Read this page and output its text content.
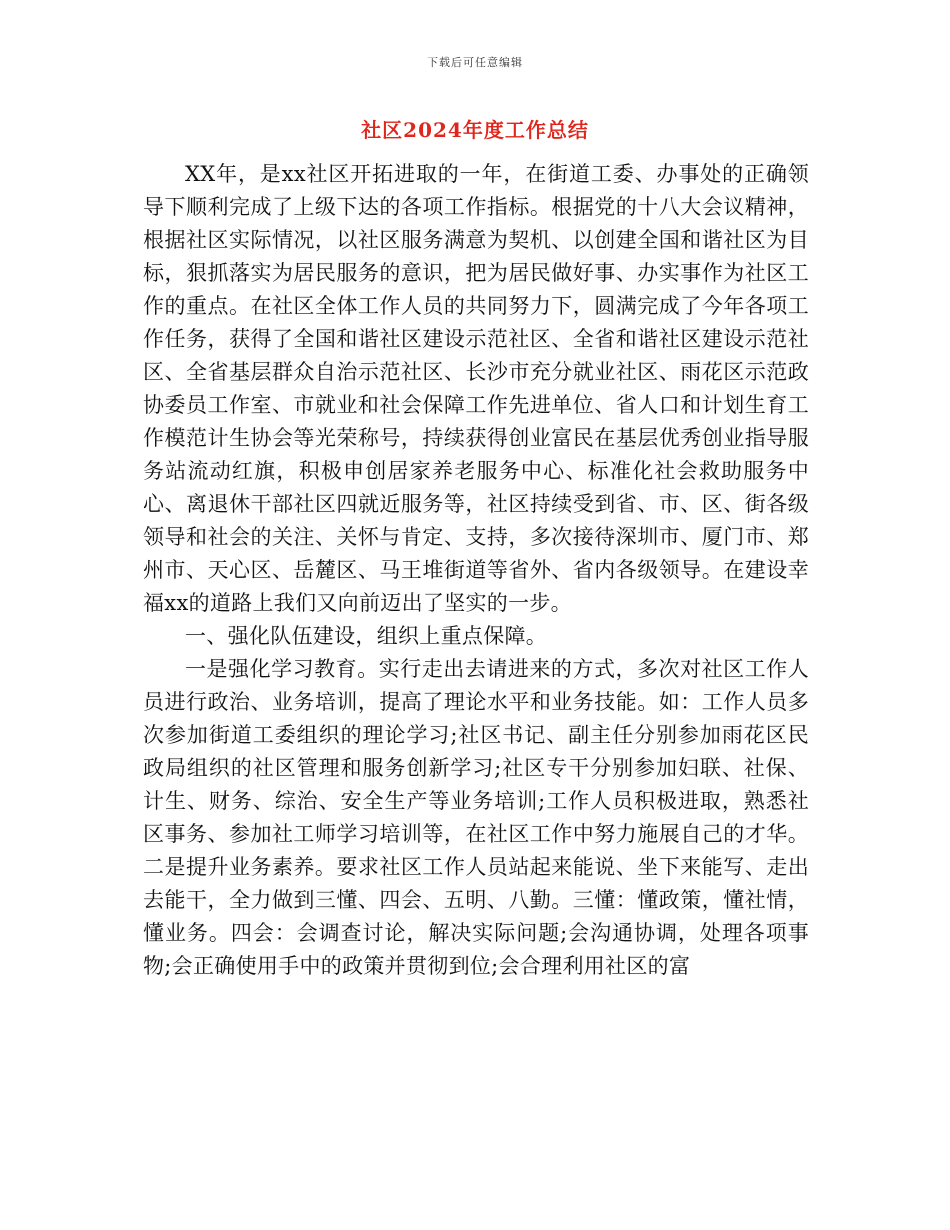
下载后可任意编辑
社区2024年度工作总结

XX年，是xx社区开拓进取的一年，在街道工委、办事处的正确领导下顺利完成了上级下达的各项工作指标。根据党的十八大会议精神，根据社区实际情况，以社区服务满意为契机、以创建全国和谐社区为目标，狠抓落实为居民服务的意识，把为居民做好事、办实事作为社区工作的重点。在社区全体工作人员的共同努力下，圆满完成了今年各项工作任务，获得了全国和谐社区建设示范社区、全省和谐社区建设示范社区、全省基层群众自治示范社区、长沙市充分就业社区、雨花区示范政协委员工作室、市就业和社会保障工作先进单位、省人口和计划生育工作模范计生协会等光荣称号，持续获得创业富民在基层优秀创业指导服务站流动红旗，积极申创居家养老服务中心、标准化社会救助服务中心、离退休干部社区四就近服务等，社区持续受到省、市、区、街各级领导和社会的关注、关怀与肯定、支持，多次接待深圳市、厦门市、郑州市、天心区、岳麓区、马王堆街道等省外、省内各级领导。在建设幸福xx的道路上我们又向前迈出了坚实的一步。

一、强化队伍建设，组织上重点保障。

一是强化学习教育。实行走出去请进来的方式，多次对社区工作人员进行政治、业务培训，提高了理论水平和业务技能。如：工作人员多次参加街道工委组织的理论学习;社区书记、副主任分别参加雨花区民政局组织的社区管理和服务创新学习;社区专干分别参加妇联、社保、计生、财务、综治、安全生产等业务培训;工作人员积极进取，熟悉社区事务、参加社工师学习培训等，在社区工作中努力施展自己的才华。二是提升业务素养。要求社区工作人员站起来能说、坐下来能写、走出去能干，全力做到三懂、四会、五明、八勤。三懂：懂政策，懂社情，懂业务。四会：会调查讨论，解决实际问题;会沟通协调，处理各项事物;会正确使用手中的政策并贯彻到位;会合理利用社区的富
